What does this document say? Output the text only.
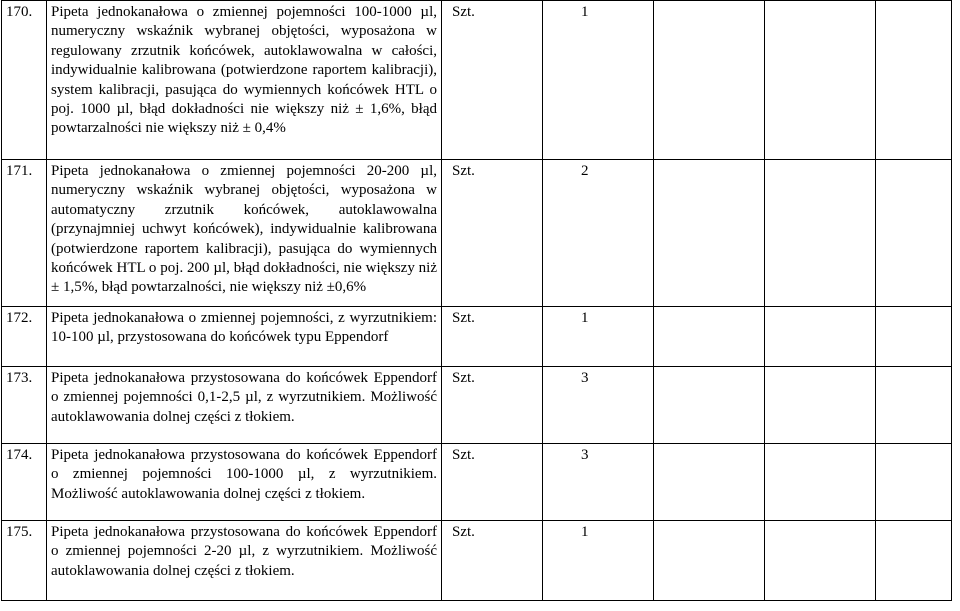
170.	Pipeta jednokanałowa o zmiennej pojemności 100-1000 µl, numeryczny wskaźnik wybranej objętości, wyposażona w regulowany zrzutnik końcówek, autoklawowalna w całości, indywidualnie kalibrowana (potwierdzone raportem kalibracji), system kalibracji, pasująca do wymiennych końcówek HTL o poj. 1000 µl, błąd dokładności nie większy niż ± 1,6%, błąd powtarzalności nie większy niż ± 0,4%	Szt.	1			
171.	Pipeta jednokanałowa o zmiennej pojemności 20-200 µl, numeryczny wskaźnik wybranej objętości, wyposażona w automatyczny zrzutnik końcówek, autoklawowalna (przynajmniej uchwyt końcówek), indywidualnie kalibrowana (potwierdzone raportem kalibracji), pasująca do wymiennych końcówek HTL o poj. 200 µl, błąd dokładności, nie większy niż ± 1,5%, błąd powtarzalności, nie większy niż ±0,6%	Szt.	2			
172.	Pipeta jednokanałowa o zmiennej pojemności, z wyrzutnikiem: 10-100 µl, przystosowana do końcówek typu Eppendorf	Szt.	1			
173.	Pipeta jednokanałowa przystosowana do końcówek Eppendorf o zmiennej pojemności 0,1-2,5 µl, z wyrzutnikiem. Możliwość autoklawowania dolnej części z tłokiem.	Szt.	3			
174.	Pipeta jednokanałowa przystosowana do końcówek Eppendorf o zmiennej pojemności 100-1000 µl, z wyrzutnikiem. Możliwość autoklawowania dolnej części z tłokiem.	Szt.	3			
175.	Pipeta jednokanałowa przystosowana do końcówek Eppendorf o zmiennej pojemności 2-20 µl, z wyrzutnikiem. Możliwość autoklawowania dolnej części z tłokiem.	Szt.	1			
